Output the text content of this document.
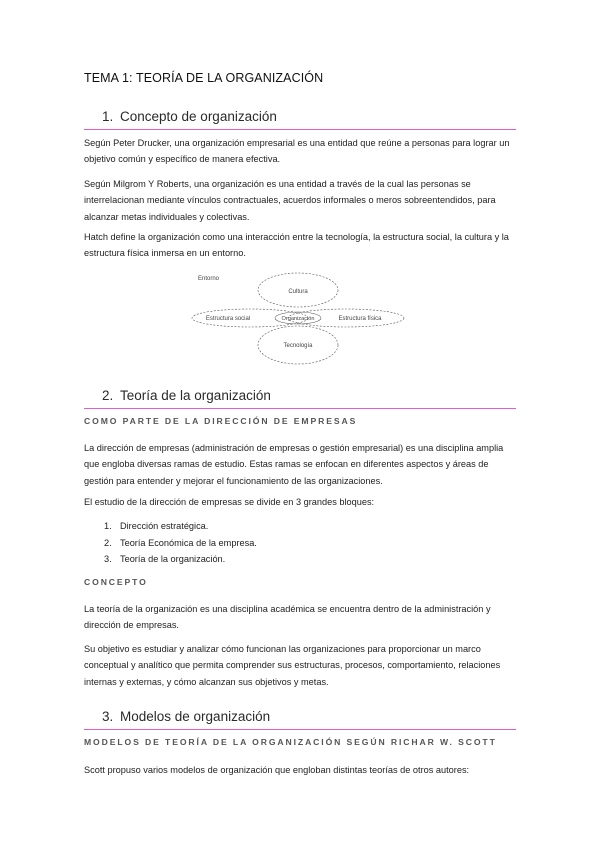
TEMA 1: TEORÍA DE LA ORGANIZACIÓN
1. Concepto de organización
Según Peter Drucker, una organización empresarial es una entidad que reúne a personas para lograr un objetivo común y específico de manera efectiva.
Según Milgrom Y Roberts, una organización es una entidad a través de la cual las personas se interrelacionan mediante vínculos contractuales, acuerdos informales o meros sobreentendidos, para alcanzar metas individuales y colectivas.
Hatch define la organización como una interacción entre la tecnología, la estructura social, la cultura y la estructura física inmersa en un entorno.
Entorno
Cultura
Estructura social	Estructura física
Organización
Tecnología
2. Teoría de la organización
COMO PARTE DE LA DIRECCIÓN DE EMPRESAS
La dirección de empresas (administración de empresas o gestión empresarial) es una disciplina amplia que engloba diversas ramas de estudio. Estas ramas se enfocan en diferentes aspectos y áreas de gestión para entender y mejorar el funcionamiento de las organizaciones.
El estudio de la dirección de empresas se divide en 3 grandes bloques:
1. Dirección estratégica.
2. Teoría Económica de la empresa.
3. Teoría de la organización.
CONCEPTO
La teoría de la organización es una disciplina académica se encuentra dentro de la administración y dirección de empresas.
Su objetivo es estudiar y analizar cómo funcionan las organizaciones para proporcionar un marco conceptual y analítico que permita comprender sus estructuras, procesos, comportamiento, relaciones internas y externas, y cómo alcanzan sus objetivos y metas.
3. Modelos de organización
MODELOS DE TEORÍA DE LA ORGANIZACIÓN SEGÚN RICHAR W. SCOTT
Scott propuso varios modelos de organización que engloban distintas teorías de otros autores:
